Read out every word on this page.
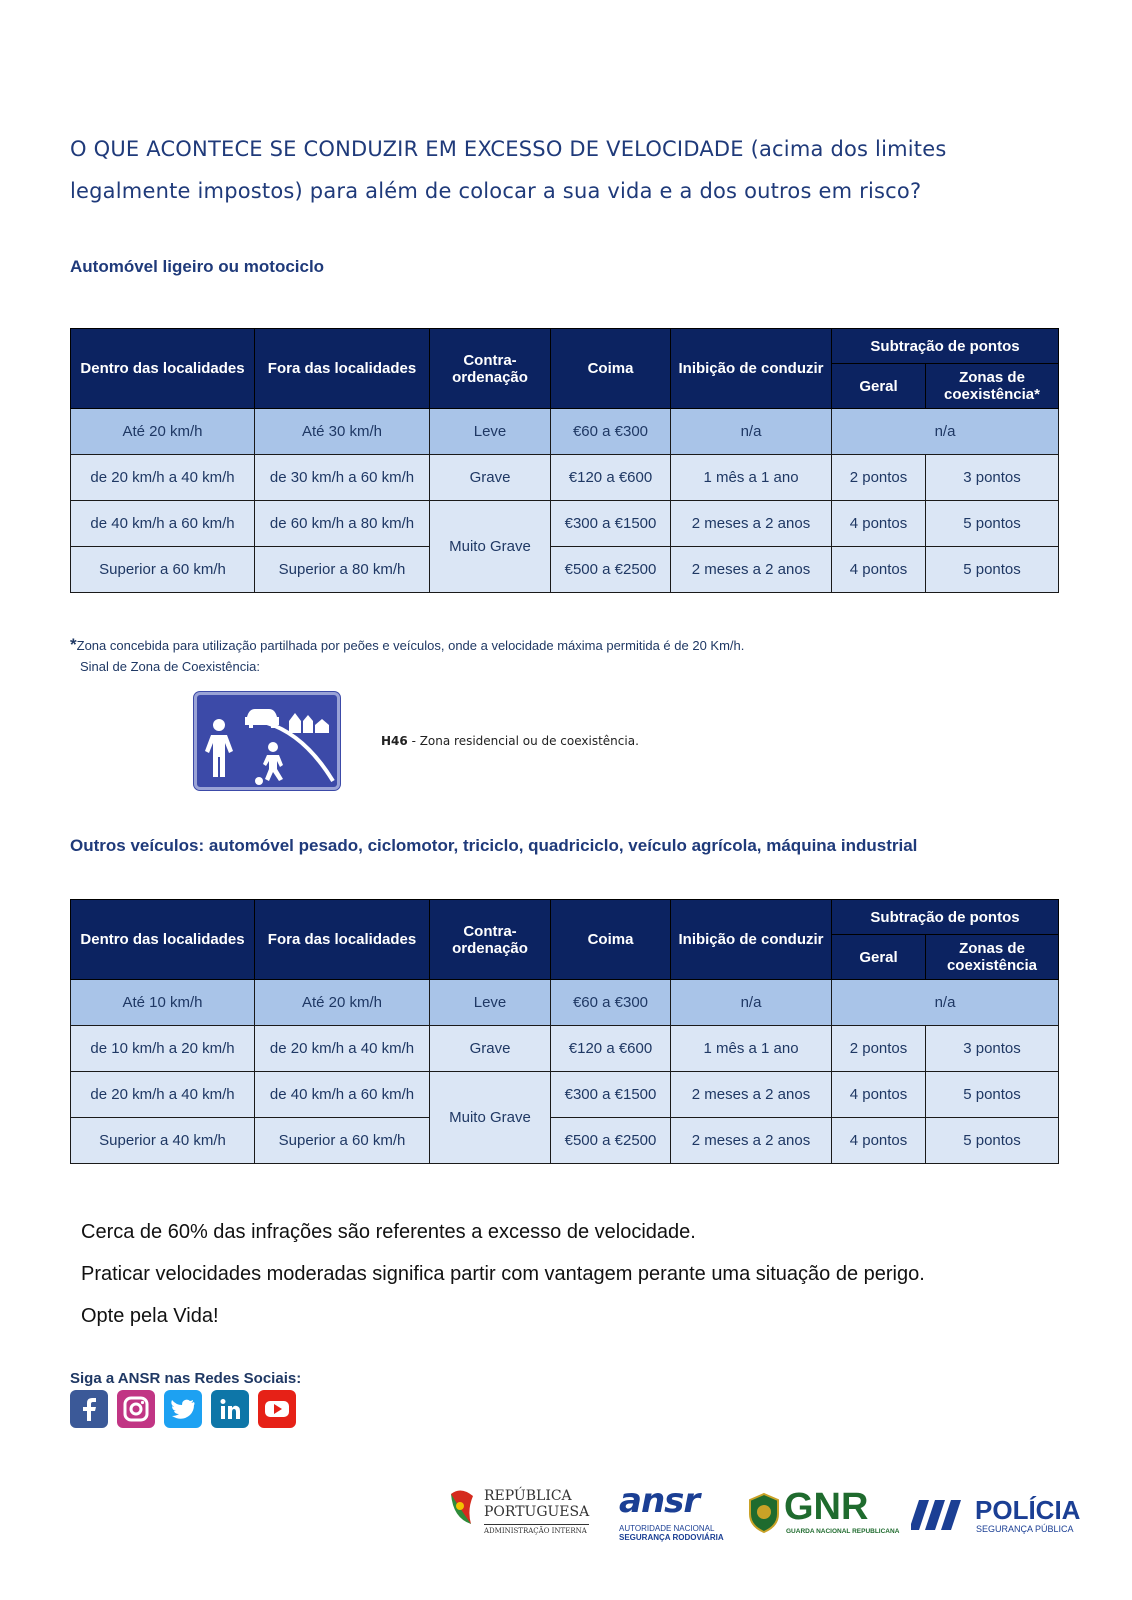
O QUE ACONTECE SE CONDUZIR EM EXCESSO DE VELOCIDADE (acima dos limites
legalmente impostos) para além de colocar a sua vida e a dos outros em risco?
Automóvel ligeiro ou motociclo
Dentro das localidades	Fora das localidades	Contra-ordenação	Coima	Inibição de conduzir	Subtração de pontos	
					Geral	Zonas de coexistência*
Até 20 km/h	Até 30 km/h	Leve	€60 a €300	n/a	n/a	
de 20 km/h a 40 km/h	de 30 km/h a 60 km/h	Grave	€120 a €600	1 mês a 1 ano	2 pontos	3 pontos
de 40 km/h a 60 km/h	de 60 km/h a 80 km/h	Muito Grave	€300 a €1500	2 meses a 2 anos	4 pontos	5 pontos
Superior a 60 km/h	Superior a 80 km/h		€500 a €2500	2 meses a 2 anos	4 pontos	5 pontos
*Zona concebida para utilização partilhada por peões e veículos, onde a velocidade máxima permitida é de 20 Km/h.
Sinal de Zona de Coexistência:
H46 - Zona residencial ou de coexistência.
Outros veículos: automóvel pesado, ciclomotor, triciclo, quadriciclo, veículo agrícola, máquina industrial
Dentro das localidades	Fora das localidades	Contra-ordenação	Coima	Inibição de conduzir	Subtração de pontos	
					Geral	Zonas de coexistência
Até 10 km/h	Até 20 km/h	Leve	€60 a €300	n/a	n/a	
de 10 km/h a 20 km/h	de 20 km/h a 40 km/h	Grave	€120 a €600	1 mês a 1 ano	2 pontos	3 pontos
de 20 km/h a 40 km/h	de 40 km/h a 60 km/h	Muito Grave	€300 a €1500	2 meses a 2 anos	4 pontos	5 pontos
Superior a 40 km/h	Superior a 60 km/h		€500 a €2500	2 meses a 2 anos	4 pontos	5 pontos
Cerca de 60% das infrações são referentes a excesso de velocidade.
Praticar velocidades moderadas significa partir com vantagem perante uma situação de perigo.
Opte pela Vida!
Siga a ANSR nas Redes Sociais:
REPÚBLICA
PORTUGUESA
ADMINISTRAÇÃO INTERNA
ansr
AUTORIDADE NACIONAL
SEGURANÇA RODOVIÁRIA
GNR
GUARDA NACIONAL REPUBLICANA
POLÍCIA
SEGURANÇA PÚBLICA
